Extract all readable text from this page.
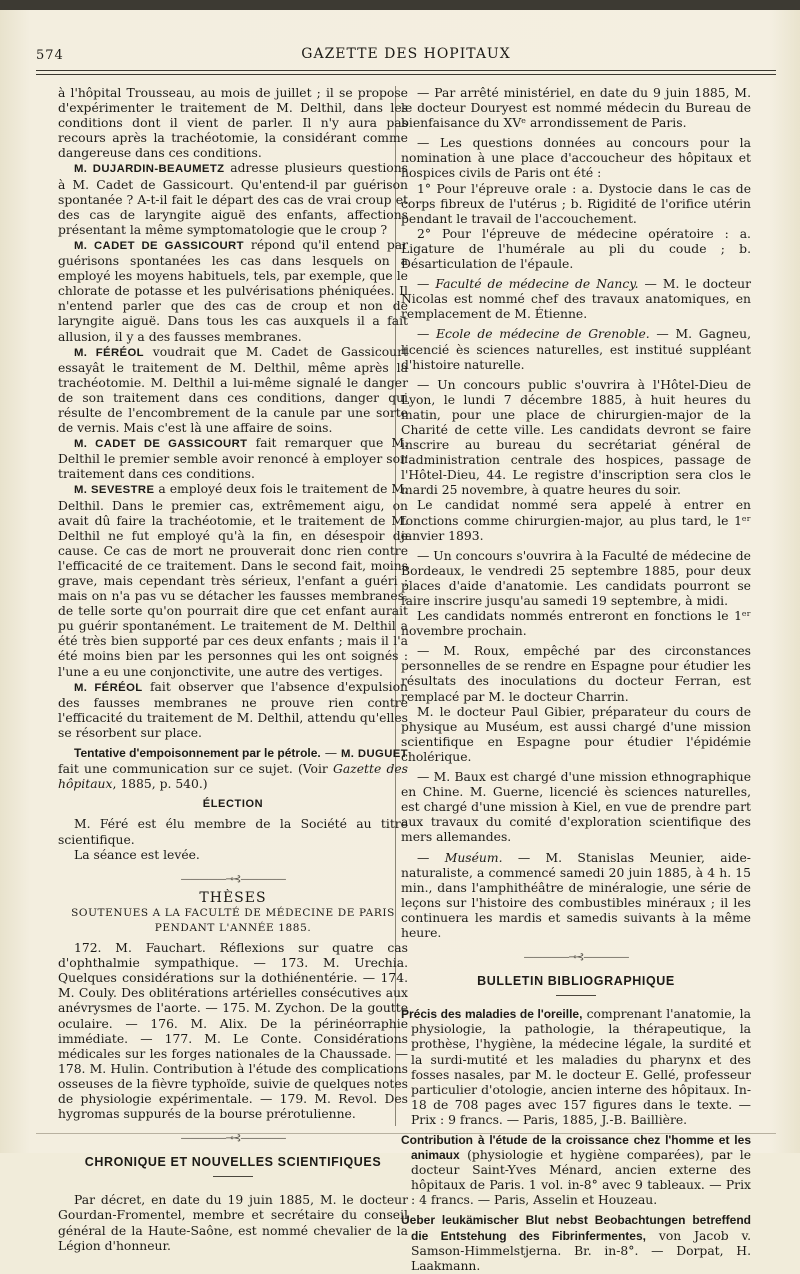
574	GAZETTE DES HOPITAUX

à l'hôpital Trousseau, au mois de juillet ; il se propose d'expérimenter le traitement de M. Delthil, dans les conditions dont il vient de parler. Il n'y aura pas recours après la trachéotomie, la considérant comme dangereuse dans ces conditions.

M. DUJARDIN-BEAUMETZ adresse plusieurs questions à M. Cadet de Gassicourt. Qu'entend-il par guérison spontanée ? A-t-il fait le départ des cas de vrai croup et des cas de laryngite aiguë des enfants, affections présentant la même symptomatologie que le croup ?

M. CADET DE GASSICOURT répond qu'il entend par guérisons spontanées les cas dans lesquels on a employé les moyens habituels, tels, par exemple, que le chlorate de potasse et les pulvérisations phéniquées. Il n'entend parler que des cas de croup et non de laryngite aiguë. Dans tous les cas auxquels il a fait allusion, il y a des fausses membranes.

M. FÉRÉOL voudrait que M. Cadet de Gassicourt essayât le traitement de M. Delthil, même après la trachéotomie. M. Delthil a lui-même signalé le danger de son traitement dans ces conditions, danger qui résulte de l'encombrement de la canule par une sorte de vernis. Mais c'est là une affaire de soins.

M. CADET DE GASSICOURT fait remarquer que M. Delthil le premier semble avoir renoncé à employer son traitement dans ces conditions.

M. SEVESTRE a employé deux fois le traitement de M. Delthil. Dans le premier cas, extrêmement aigu, on avait dû faire la trachéotomie, et le traitement de M. Delthil ne fut employé qu'à la fin, en désespoir de cause. Ce cas de mort ne prouverait donc rien contre l'efficacité de ce traitement. Dans le second fait, moins grave, mais cependant très sérieux, l'enfant a guéri ; mais on n'a pas vu se détacher les fausses membranes, de telle sorte qu'on pourrait dire que cet enfant aurait pu guérir spontanément. Le traitement de M. Delthil a été très bien supporté par ces deux enfants ; mais il l'a été moins bien par les personnes qui les ont soignés : l'une a eu une conjonctivite, une autre des vertiges.

M. FÉRÉOL fait observer que l'absence d'expulsion des fausses membranes ne prouve rien contre l'efficacité du traitement de M. Delthil, attendu qu'elles se résorbent sur place.

Tentative d'empoisonnement par le pétrole. — M. DUGUET fait une communication sur ce sujet. (Voir Gazette des hôpitaux, 1885, p. 540.)

ÉLECTION

M. Féré est élu membre de la Société au titre scientifique.

La séance est levée.

—————⊸⊰—————

THÈSES

SOUTENUES A LA FACULTÉ DE MÉDECINE DE PARIS

PENDANT L'ANNÉE 1885.

172. M. Fauchart. Réflexions sur quatre cas d'ophthalmie sympathique. — 173. M. Urechia. Quelques considérations sur la dothiénentérie. — 174. M. Couly. Des oblitérations artérielles consécutives aux anévrysmes de l'aorte. — 175. M. Zychon. De la goutte oculaire. — 176. M. Alix. De la périnéorraphie immédiate. — 177. M. Le Conte. Considérations médicales sur les forges nationales de la Chaussade. — 178. M. Hulin. Contribution à l'étude des complications osseuses de la fièvre typhoïde, suivie de quelques notes de physiologie expérimentale. — 179. M. Revol. Des hygromas suppurés de la bourse prérotulienne.

—————⊸⊰—————

CHRONIQUE ET NOUVELLES SCIENTIFIQUES

Par décret, en date du 19 juin 1885, M. le docteur Gourdan-Fromentel, membre et secrétaire du conseil général de la Haute-Saône, est nommé chevalier de la Légion d'honneur.

— Par arrêté ministériel, en date du 9 juin 1885, M. le docteur Douryest est nommé médecin du Bureau de bienfaisance du XVᵉ arrondissement de Paris.

— Les questions données au concours pour la nomination à une place d'accoucheur des hôpitaux et hospices civils de Paris ont été :

1° Pour l'épreuve orale : a. Dystocie dans le cas de corps fibreux de l'utérus ; b. Rigidité de l'orifice utérin pendant le travail de l'accouchement.

2° Pour l'épreuve de médecine opératoire : a. Ligature de l'humérale au pli du coude ; b. Désarticulation de l'épaule.

— Faculté de médecine de Nancy. — M. le docteur Nicolas est nommé chef des travaux anatomiques, en remplacement de M. Étienne.

— Ecole de médecine de Grenoble. — M. Gagneu, licencié ès sciences naturelles, est institué suppléant d'histoire naturelle.

— Un concours public s'ouvrira à l'Hôtel-Dieu de Lyon, le lundi 7 décembre 1885, à huit heures du matin, pour une place de chirurgien-major de la Charité de cette ville. Les candidats devront se faire inscrire au bureau du secrétariat général de l'administration centrale des hospices, passage de l'Hôtel-Dieu, 44. Le registre d'inscription sera clos le mardi 25 novembre, à quatre heures du soir.

Le candidat nommé sera appelé à entrer en fonctions comme chirurgien-major, au plus tard, le 1ᵉʳ janvier 1893.

— Un concours s'ouvrira à la Faculté de médecine de Bordeaux, le vendredi 25 septembre 1885, pour deux places d'aide d'anatomie. Les candidats pourront se faire inscrire jusqu'au samedi 19 septembre, à midi.

Les candidats nommés entreront en fonctions le 1ᵉʳ novembre prochain.

— M. Roux, empêché par des circonstances personnelles de se rendre en Espagne pour étudier les résultats des inoculations du docteur Ferran, est remplacé par M. le docteur Charrin.

M. le docteur Paul Gibier, préparateur du cours de physique au Muséum, est aussi chargé d'une mission scientifique en Espagne pour étudier l'épidémie cholérique.

— M. Baux est chargé d'une mission ethnographique en Chine. M. Guerne, licencié ès sciences naturelles, est chargé d'une mission à Kiel, en vue de prendre part aux travaux du comité d'exploration scientifique des mers allemandes.

— Muséum. — M. Stanislas Meunier, aide-naturaliste, a commencé samedi 20 juin 1885, à 4 h. 15 min., dans l'amphithéâtre de minéralogie, une série de leçons sur l'histoire des combustibles minéraux ; il les continuera les mardis et samedis suivants à la même heure.

—————⊸⊰—————

BULLETIN BIBLIOGRAPHIQUE

Précis des maladies de l'oreille, comprenant l'anatomie, la physiologie, la pathologie, la thérapeutique, la prothèse, l'hygiène, la médecine légale, la surdité et la surdi-mutité et les maladies du pharynx et des fosses nasales, par M. le docteur E. Gellé, professeur particulier d'otologie, ancien interne des hôpitaux. In-18 de 708 pages avec 157 figures dans le texte. — Prix : 9 francs. — Paris, 1885, J.-B. Baillière.

Contribution à l'étude de la croissance chez l'homme et les animaux (physiologie et hygiène comparées), par le docteur Saint-Yves Ménard, ancien externe des hôpitaux de Paris. 1 vol. in-8° avec 9 tableaux. — Prix : 4 francs. — Paris, Asselin et Houzeau.

Ueber leukämischer Blut nebst Beobachtungen betreffend die Entstehung des Fibrinfermentes, von Jacob v. Samson-Himmelstjerna. Br. in-8°. — Dorpat, H. Laakmann.
